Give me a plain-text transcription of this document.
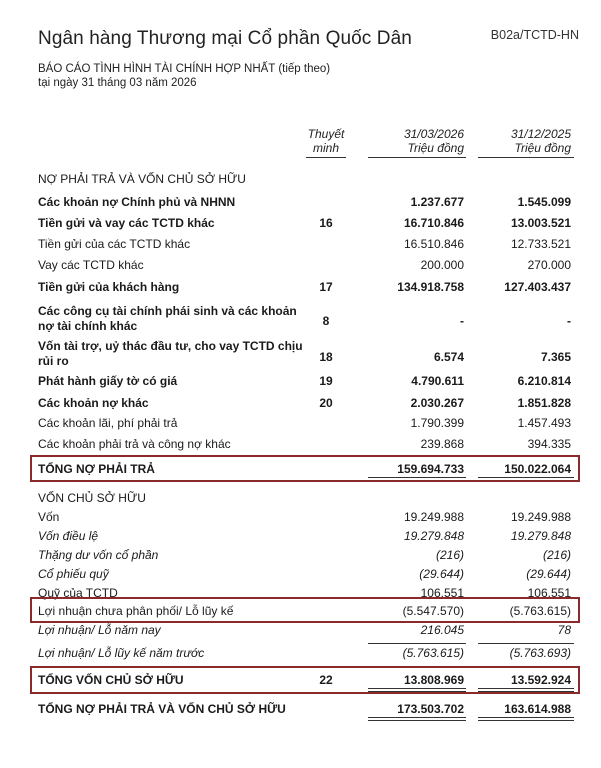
Ngân hàng Thương mại Cổ phần Quốc Dân	B02a/TCTD-HN
BÁO CÁO TÌNH HÌNH TÀI CHÍNH HỢP NHẤT (tiếp theo)
tại ngày 31 tháng 03 năm 2026
Thuyết
minh
31/03/2026
Triệu đồng
31/12/2025
Triệu đồng
NỢ PHẢI TRẢ VÀ VỐN CHỦ SỞ HỮU
Các khoản nợ Chính phủ và NHNN	1.237.677	1.545.099
Tiền gửi và vay các TCTD khác	16	16.710.846	13.003.521
Tiền gửi của các TCTD khác	16.510.846	12.733.521
Vay các TCTD khác	200.000	270.000
Tiền gửi của khách hàng	17	134.918.758	127.403.437
Các công cụ tài chính phái sinh và các khoản nợ tài chính khác	8	-	-
Vốn tài trợ, uỷ thác đầu tư, cho vay TCTD chịu rủi ro	18	6.574	7.365
Phát hành giấy tờ có giá	19	4.790.611	6.210.814
Các khoản nợ khác	20	2.030.267	1.851.828
Các khoản lãi, phí phải trả	1.790.399	1.457.493
Các khoản phải trả và công nợ khác	239.868	394.335
TỔNG NỢ PHẢI TRẢ	159.694.733	150.022.064
VỐN CHỦ SỞ HỮU
Vốn	19.249.988	19.249.988
Vốn điều lệ	19.279.848	19.279.848
Thặng dư vốn cổ phần	(216)	(216)
Cổ phiếu quỹ	(29.644)	(29.644)
Quỹ của TCTD	106.551	106.551
Lợi nhuận chưa phân phối/ Lỗ lũy kế	(5.547.570)	(5.763.615)
Lợi nhuận/ Lỗ năm nay	216.045	78
Lợi nhuận/ Lỗ lũy kế năm trước	(5.763.615)	(5.763.693)
TỔNG VỐN CHỦ SỞ HỮU	22	13.808.969	13.592.924
TỔNG NỢ PHẢI TRẢ VÀ VỐN CHỦ SỞ HỮU	173.503.702	163.614.988
